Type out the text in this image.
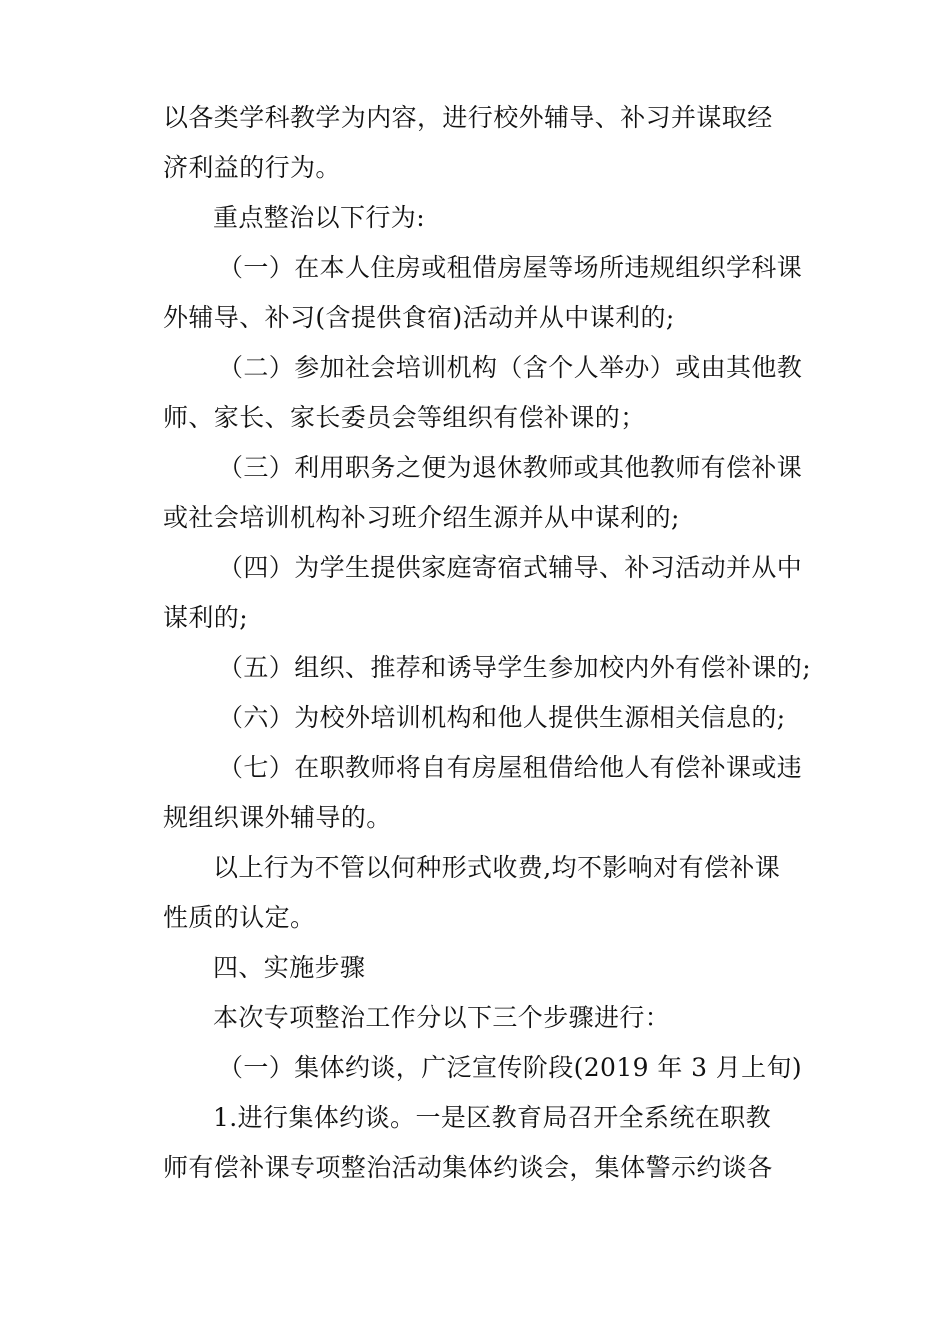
以各类学科教学为内容，进行校外辅导、补习并谋取经
济利益的行为。
重点整治以下行为:
（一）在本人住房或租借房屋等场所违规组织学科课
外辅导、补习(含提供食宿)活动并从中谋利的;
（二）参加社会培训机构（含个人举办）或由其他教
师、家长、家长委员会等组织有偿补课的；
（三）利用职务之便为退休教师或其他教师有偿补课
或社会培训机构补习班介绍生源并从中谋利的;
（四）为学生提供家庭寄宿式辅导、补习活动并从中
谋利的;
（五）组织、推荐和诱导学生参加校内外有偿补课的;
（六）为校外培训机构和他人提供生源相关信息的;
（七）在职教师将自有房屋租借给他人有偿补课或违
规组织课外辅导的。
以上行为不管以何种形式收费,均不影响对有偿补课
性质的认定。
四、实施步骤
本次专项整治工作分以下三个步骤进行：
（一）集体约谈，广泛宣传阶段(2019 年 3 月上旬)
1.进行集体约谈。一是区教育局召开全系统在职教
师有偿补课专项整治活动集体约谈会，集体警示约谈各
